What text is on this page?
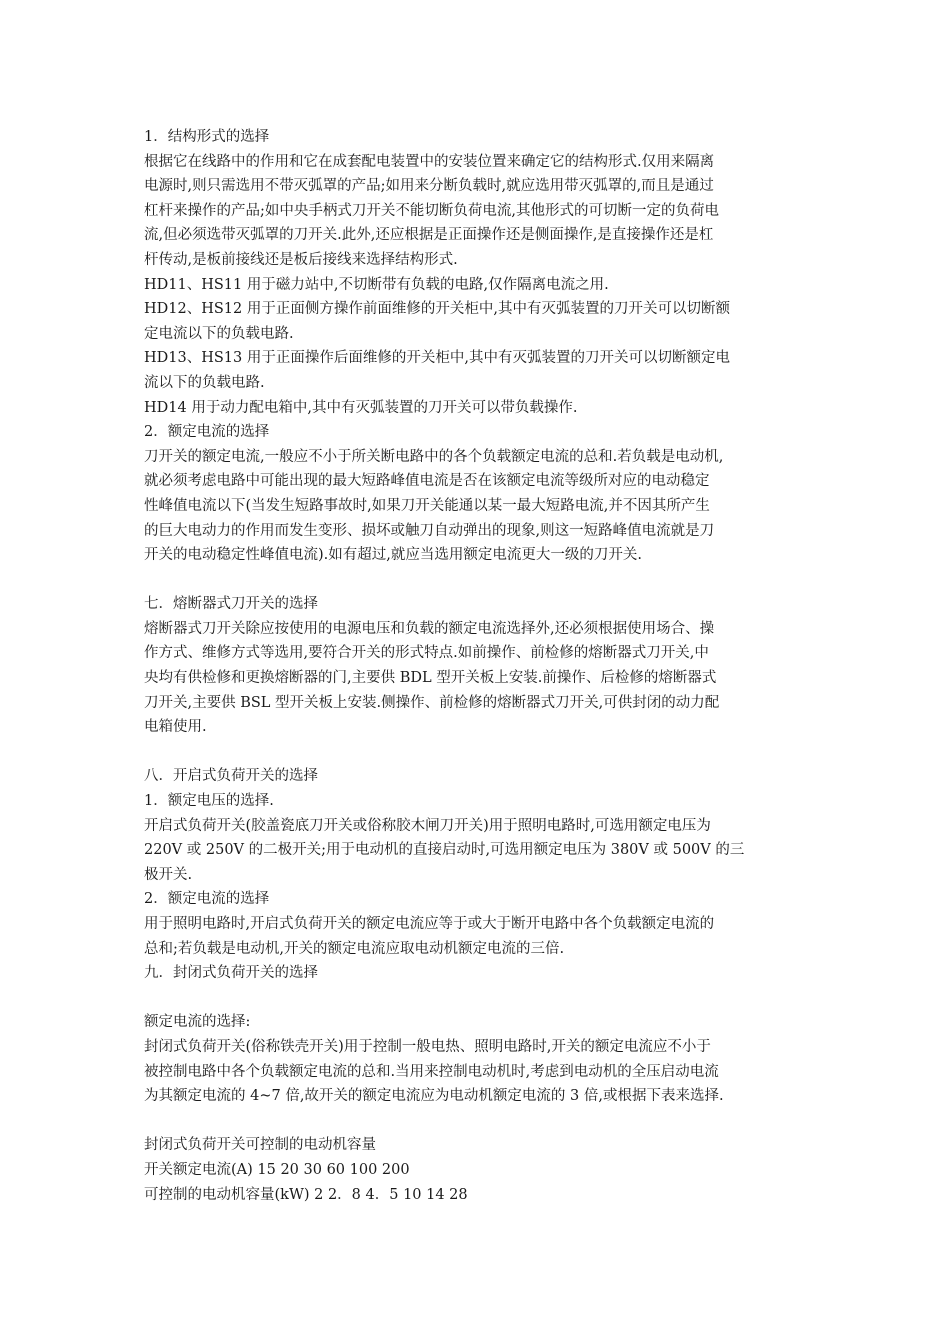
1．结构形式的选择
根据它在线路中的作用和它在成套配电装置中的安装位置来确定它的结构形式.仅用来隔离
电源时,则只需选用不带灭弧罩的产品;如用来分断负载时,就应选用带灭弧罩的,而且是通过
杠杆来操作的产品;如中央手柄式刀开关不能切断负荷电流,其他形式的可切断一定的负荷电
流,但必须选带灭弧罩的刀开关.此外,还应根据是正面操作还是侧面操作,是直接操作还是杠
杆传动,是板前接线还是板后接线来选择结构形式.
HD11、HS11 用于磁力站中,不切断带有负载的电路,仅作隔离电流之用.
HD12、HS12 用于正面侧方操作前面维修的开关柜中,其中有灭弧装置的刀开关可以切断额
定电流以下的负载电路.
HD13、HS13 用于正面操作后面维修的开关柜中,其中有灭弧装置的刀开关可以切断额定电
流以下的负载电路.
HD14 用于动力配电箱中,其中有灭弧装置的刀开关可以带负载操作.
2．额定电流的选择
刀开关的额定电流,一般应不小于所关断电路中的各个负载额定电流的总和.若负载是电动机,
就必须考虑电路中可能出现的最大短路峰值电流是否在该额定电流等级所对应的电动稳定
性峰值电流以下(当发生短路事故时,如果刀开关能通以某一最大短路电流,并不因其所产生
的巨大电动力的作用而发生变形、损坏或触刀自动弹出的现象,则这一短路峰值电流就是刀
开关的电动稳定性峰值电流).如有超过,就应当选用额定电流更大一级的刀开关.
七．熔断器式刀开关的选择
熔断器式刀开关除应按使用的电源电压和负载的额定电流选择外,还必须根据使用场合、操
作方式、维修方式等选用,要符合开关的形式特点.如前操作、前检修的熔断器式刀开关,中
央均有供检修和更换熔断器的门,主要供 BDL 型开关板上安装.前操作、后检修的熔断器式
刀开关,主要供 BSL 型开关板上安装.侧操作、前检修的熔断器式刀开关,可供封闭的动力配
电箱使用.
八．开启式负荷开关的选择
1．额定电压的选择.
开启式负荷开关(胶盖瓷底刀开关或俗称胶木闸刀开关)用于照明电路时,可选用额定电压为
220V 或 250V 的二极开关;用于电动机的直接启动时,可选用额定电压为 380V 或 500V 的三
极开关.
2．额定电流的选择
用于照明电路时,开启式负荷开关的额定电流应等于或大于断开电路中各个负载额定电流的
总和;若负载是电动机,开关的额定电流应取电动机额定电流的三倍.
九．封闭式负荷开关的选择
额定电流的选择:
封闭式负荷开关(俗称铁壳开关)用于控制一般电热、照明电路时,开关的额定电流应不小于
被控制电路中各个负载额定电流的总和.当用来控制电动机时,考虑到电动机的全压启动电流
为其额定电流的 4~7 倍,故开关的额定电流应为电动机额定电流的 3 倍,或根据下表来选择.
封闭式负荷开关可控制的电动机容量
开关额定电流(A) 15 20 30 60 100 200
可控制的电动机容量(kW) 2 2．8 4．5 10 14 28
